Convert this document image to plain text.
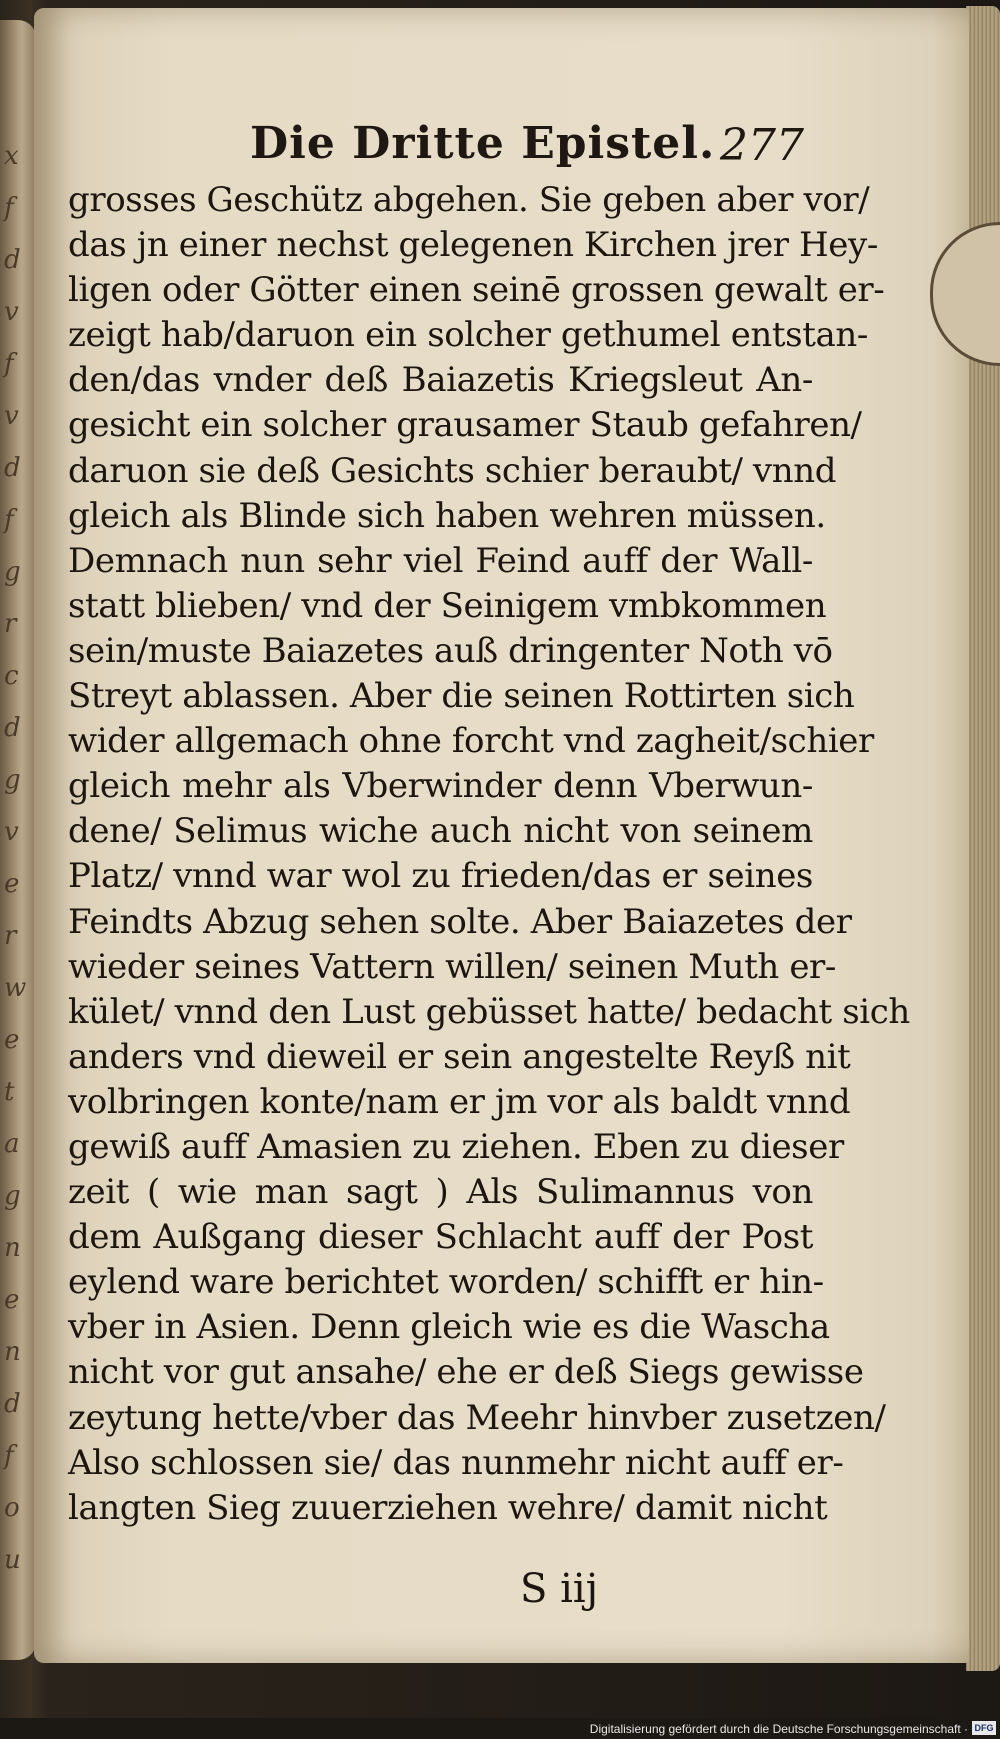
x
f
d
v
f
v
d
f
g
r
c
d
g
v
e
r
w
e
t
a
g
n
e
n
d
f
o
u
Die Dritte Epistel. 277
grosses Geschütz abgehen. Sie geben aber vor/
das jn einer nechst gelegenen Kirchen jrer Hey-
ligen oder Götter einen seinē grossen gewalt er-
zeigt hab/daruon ein solcher gethumel entstan-
den/das vnder deß Baiazetis Kriegsleut An-
gesicht ein solcher grausamer Staub gefahren/
daruon sie deß Gesichts schier beraubt/ vnnd
gleich als Blinde sich haben wehren müssen.
Demnach nun sehr viel Feind auff der Wall-
statt blieben/ vnd der Seinigem vmbkommen
sein/muste Baiazetes auß dringenter Noth vō
Streyt ablassen. Aber die seinen Rottirten sich
wider allgemach ohne forcht vnd zagheit/schier
gleich mehr als Vberwinder denn Vberwun-
dene/ Selimus wiche auch nicht von seinem
Platz/ vnnd war wol zu frieden/das er seines
Feindts Abzug sehen solte. Aber Baiazetes der
wieder seines Vattern willen/ seinen Muth er-
kület/ vnnd den Lust gebüsset hatte/ bedacht sich
anders vnd dieweil er sein angestelte Reyß nit
volbringen konte/nam er jm vor als baldt vnnd
gewiß auff Amasien zu ziehen. Eben zu dieser
zeit ( wie man sagt ) Als Sulimannus von
dem Außgang dieser Schlacht auff der Post
eylend ware berichtet worden/ schifft er hin-
vber in Asien. Denn gleich wie es die Wascha
nicht vor gut ansahe/ ehe er deß Siegs gewisse
zeytung hette/vber das Meehr hinvber zusetzen/
Also schlossen sie/ das nunmehr nicht auff er-
langten Sieg zuuerziehen wehre/ damit nicht
S iij
Digitalisierung gefördert durch die Deutsche Forschungsgemeinschaft · DFG
